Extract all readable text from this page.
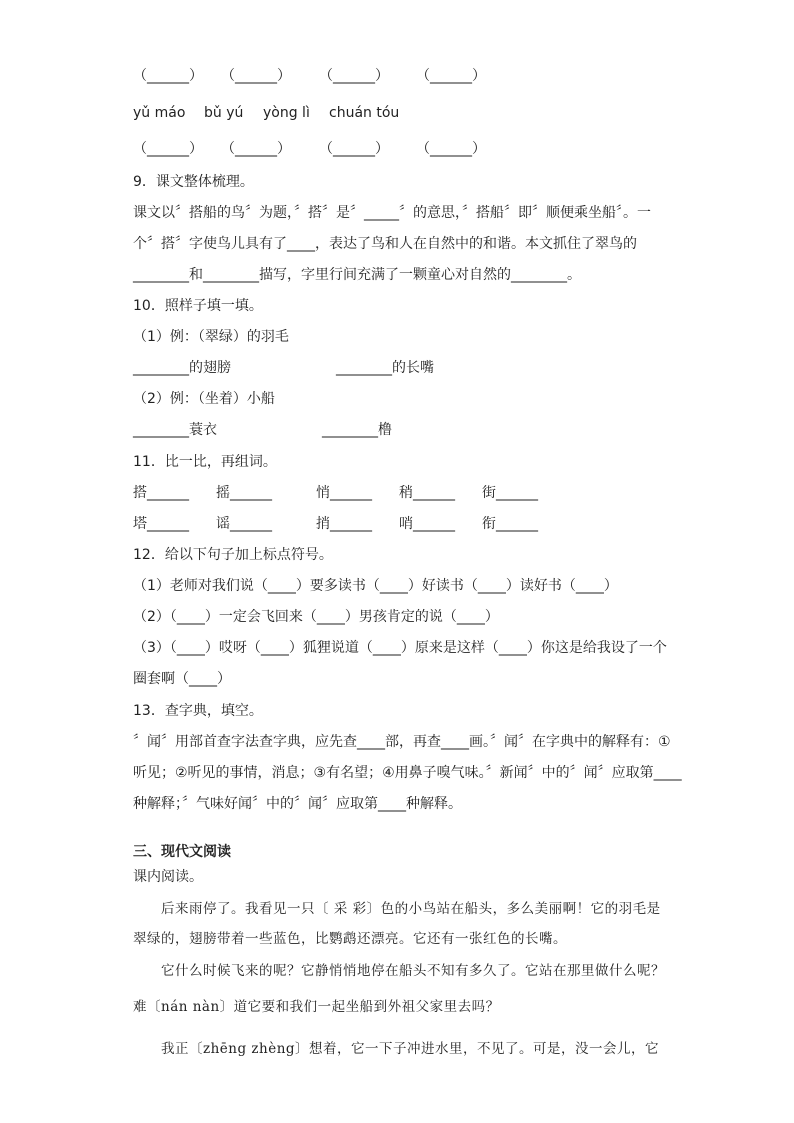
（______） （______） （______） （______）
yǔ máo bǔ yú yòng lì chuán tóu
（______） （______） （______） （______）
9．课文整体梳理。
课文以〞搭船的鸟〞为题，〞搭〞是〞_____〞的意思，〞搭船〞即〞顺便乘坐船〞。一
个〞搭〞字使鸟儿具有了____，表达了鸟和人在自然中的和谐。本文抓住了翠鸟的
________和________描写，字里行间充满了一颗童心对自然的________。
10．照样子填一填。
（1）例：（翠绿）的羽毛
________的翅膀	________的长嘴
（2）例：（坐着）小船
________蓑衣	________橹
11．比一比，再组词。
搭______ 摇______	悄______ 稍______ 街______
塔______ 谣______	捎______ 哨______ 衔______
12．给以下句子加上标点符号。
（1）老师对我们说（____）要多读书（____）好读书（____）读好书（____）
（2）（____）一定会飞回来（____）男孩肯定的说（____）
（3）（____）哎呀（____）狐狸说道（____）原来是这样（____）你这是给我设了一个
圈套啊（____）
13．查字典，填空。
〞闻〞用部首查字法查字典，应先查____部，再查____画。〞闻〞在字典中的解释有：①
听见；②听见的事情，消息；③有名望；④用鼻子嗅气味。〞新闻〞中的〞闻〞应取第____
种解释；〞气味好闻〞中的〞闻〞应取第____种解释。
三、现代文阅读
课内阅读。
后来雨停了。我看见一只〔 采 彩〕色的小鸟站在船头，多么美丽啊！它的羽毛是
翠绿的，翅膀带着一些蓝色，比鹦鹉还漂亮。它还有一张红色的长嘴。
它什么时候飞来的呢？它静悄悄地停在船头不知有多久了。它站在那里做什么呢？
难〔nán nàn〕道它要和我们一起坐船到外祖父家里去吗？
我正〔zhēng zhèng〕想着，它一下子冲进水里，不见了。可是，没一会儿，它
